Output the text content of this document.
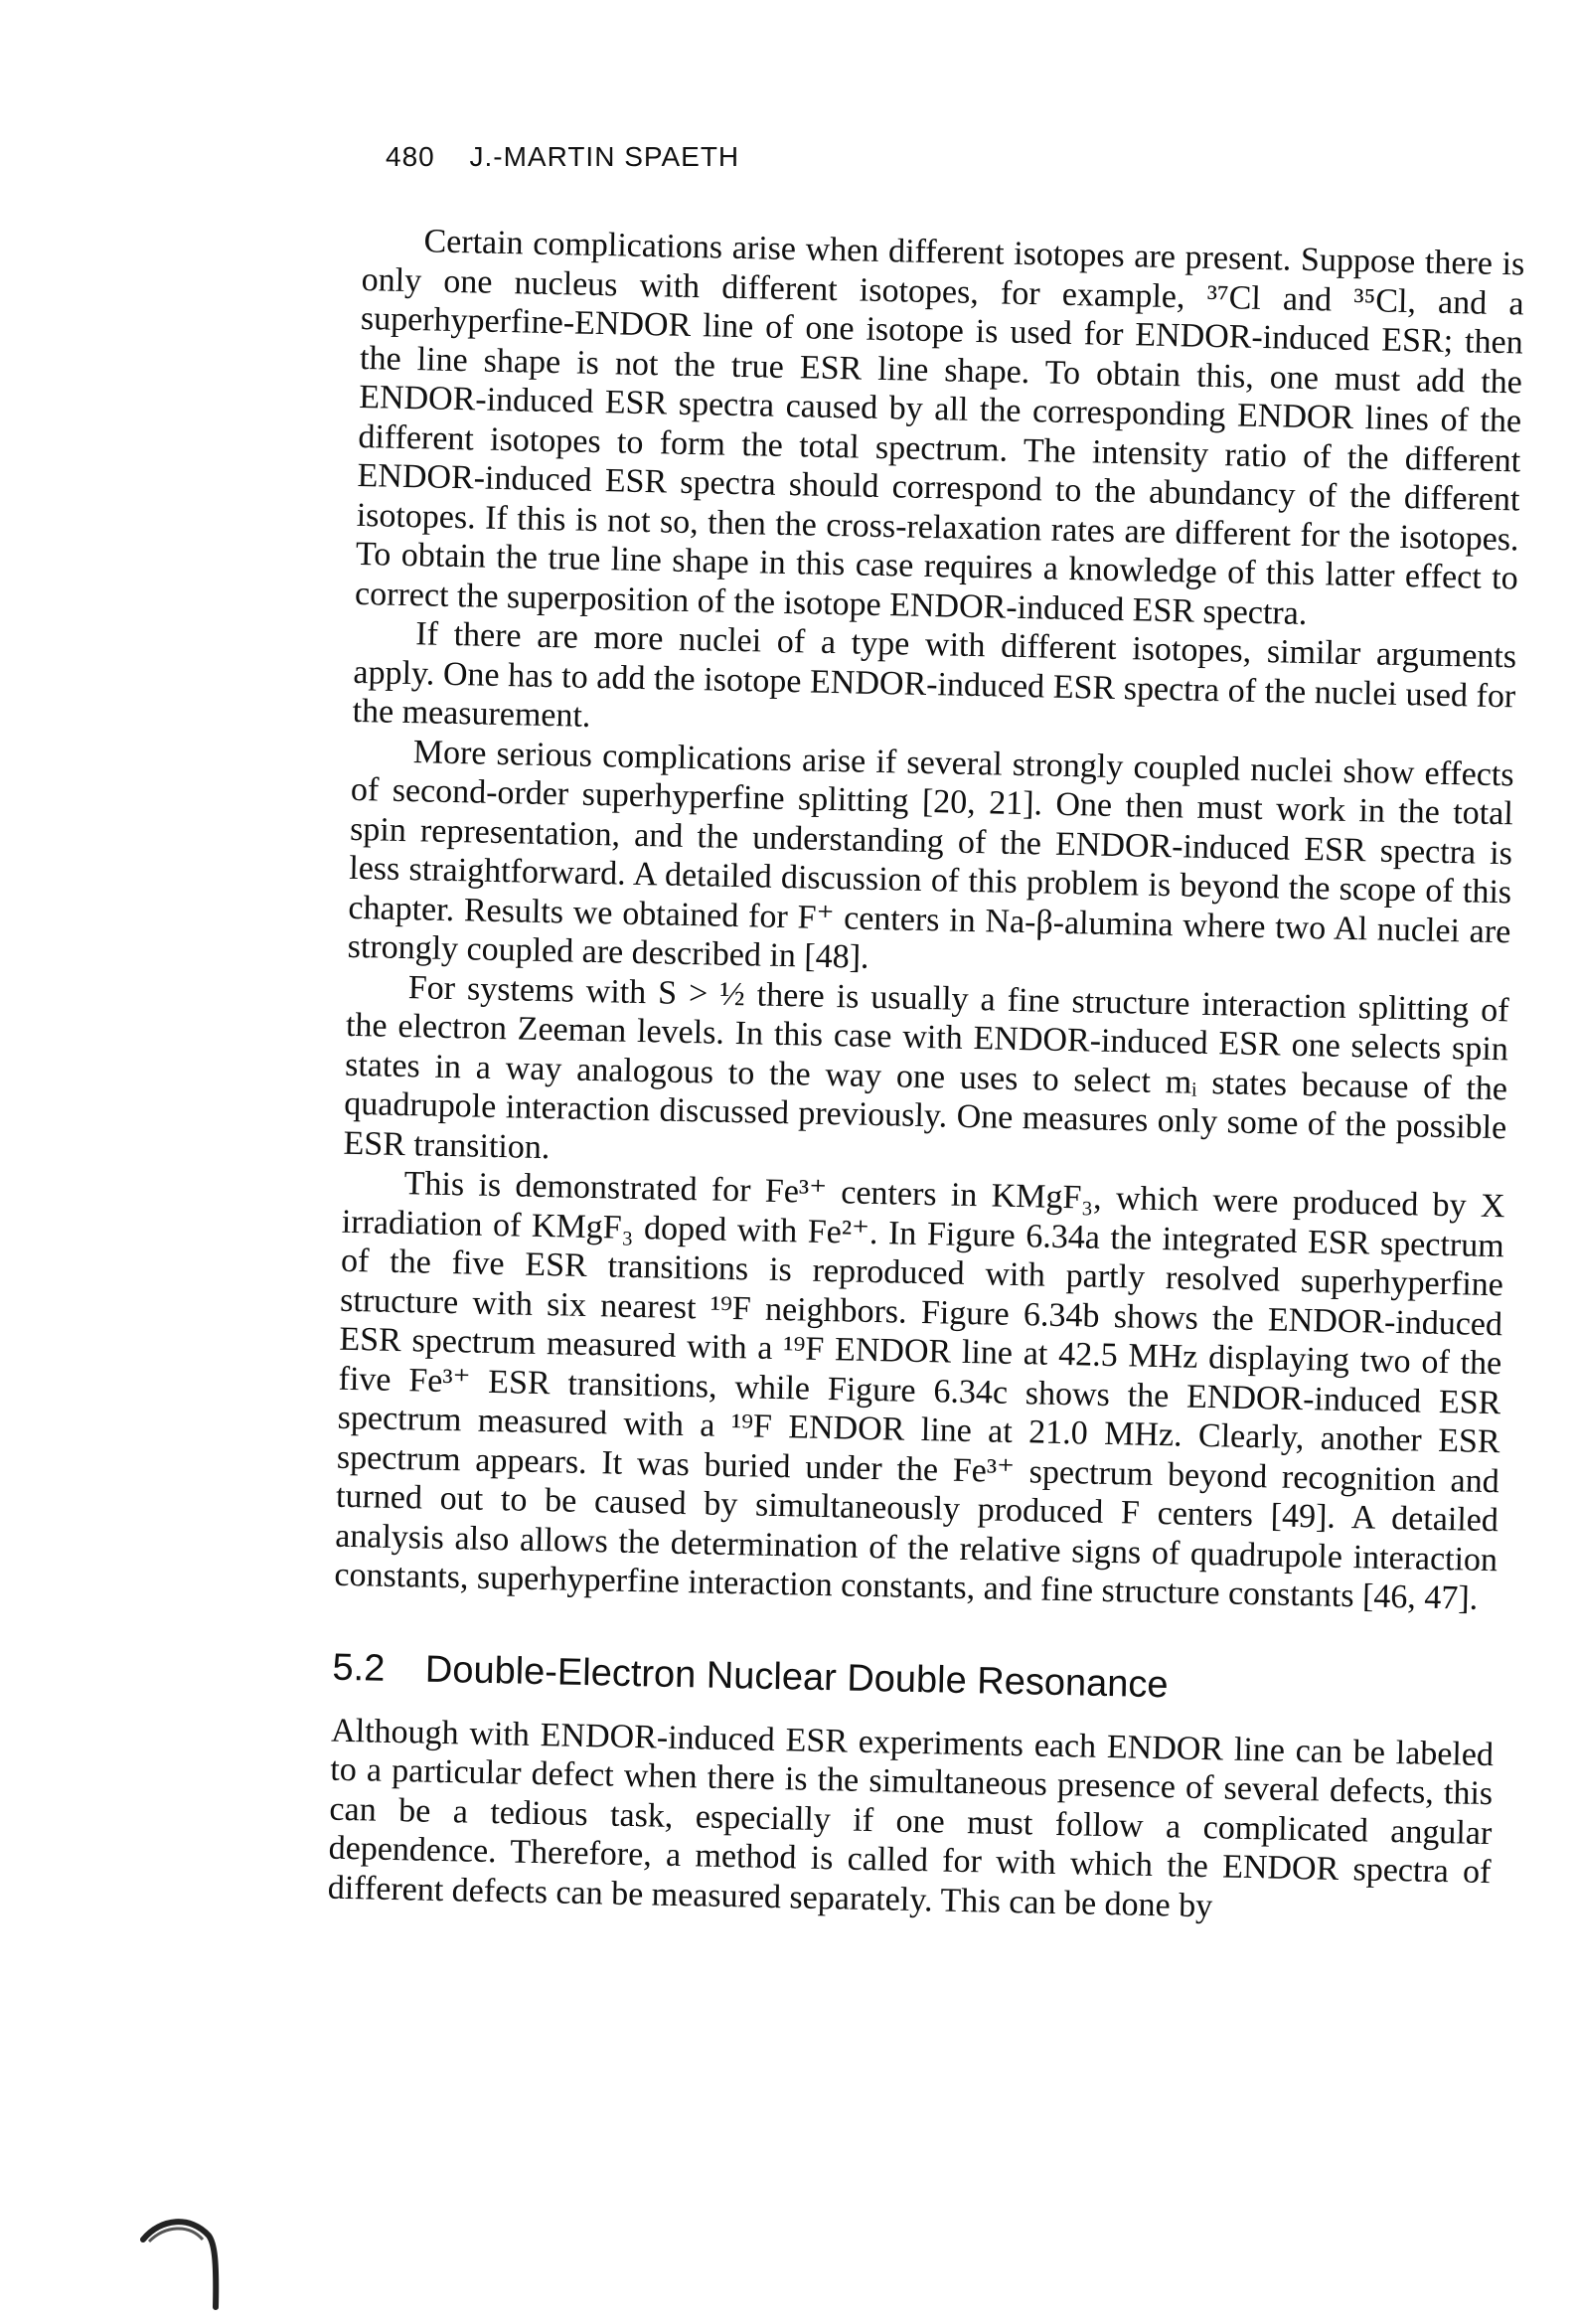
480 J.-MARTIN SPAETH

Certain complications arise when different isotopes are present. Suppose there is only one nucleus with different isotopes, for example, ³⁷Cl and ³⁵Cl, and a superhyperfine-ENDOR line of one isotope is used for ENDOR-induced ESR; then the line shape is not the true ESR line shape. To obtain this, one must add the ENDOR-induced ESR spectra caused by all the corresponding ENDOR lines of the different isotopes to form the total spectrum. The intensity ratio of the different ENDOR-induced ESR spectra should correspond to the abundancy of the different isotopes. If this is not so, then the cross-relaxation rates are different for the isotopes. To obtain the true line shape in this case requires a knowledge of this latter effect to correct the superposition of the isotope ENDOR-induced ESR spectra.

If there are more nuclei of a type with different isotopes, similar arguments apply. One has to add the isotope ENDOR-induced ESR spectra of the nuclei used for the measurement.

More serious complications arise if several strongly coupled nuclei show effects of second-order superhyperfine splitting [20, 21]. One then must work in the total spin representation, and the understanding of the ENDOR-induced ESR spectra is less straightforward. A detailed discussion of this problem is beyond the scope of this chapter. Results we obtained for F⁺ centers in Na-β-alumina where two Al nuclei are strongly coupled are described in [48].

For systems with S > ½ there is usually a fine structure interaction splitting of the electron Zeeman levels. In this case with ENDOR-induced ESR one selects spin states in a way analogous to the way one uses to select mᵢ states because of the quadrupole interaction discussed previously. One measures only some of the possible ESR transition.

This is demonstrated for Fe³⁺ centers in KMgF₃, which were produced by X irradiation of KMgF₃ doped with Fe²⁺. In Figure 6.34a the integrated ESR spectrum of the five ESR transitions is reproduced with partly resolved superhyperfine structure with six nearest ¹⁹F neighbors. Figure 6.34b shows the ENDOR-induced ESR spectrum measured with a ¹⁹F ENDOR line at 42.5 MHz displaying two of the five Fe³⁺ ESR transitions, while Figure 6.34c shows the ENDOR-induced ESR spectrum measured with a ¹⁹F ENDOR line at 21.0 MHz. Clearly, another ESR spectrum appears. It was buried under the Fe³⁺ spectrum beyond recognition and turned out to be caused by simultaneously produced F centers [49]. A detailed analysis also allows the determination of the relative signs of quadrupole interaction constants, superhyperfine interaction constants, and fine structure constants [46, 47].

5.2 Double-Electron Nuclear Double Resonance

Although with ENDOR-induced ESR experiments each ENDOR line can be labeled to a particular defect when there is the simultaneous presence of several defects, this can be a tedious task, especially if one must follow a complicated angular dependence. Therefore, a method is called for with which the ENDOR spectra of different defects can be measured separately. This can be done by
